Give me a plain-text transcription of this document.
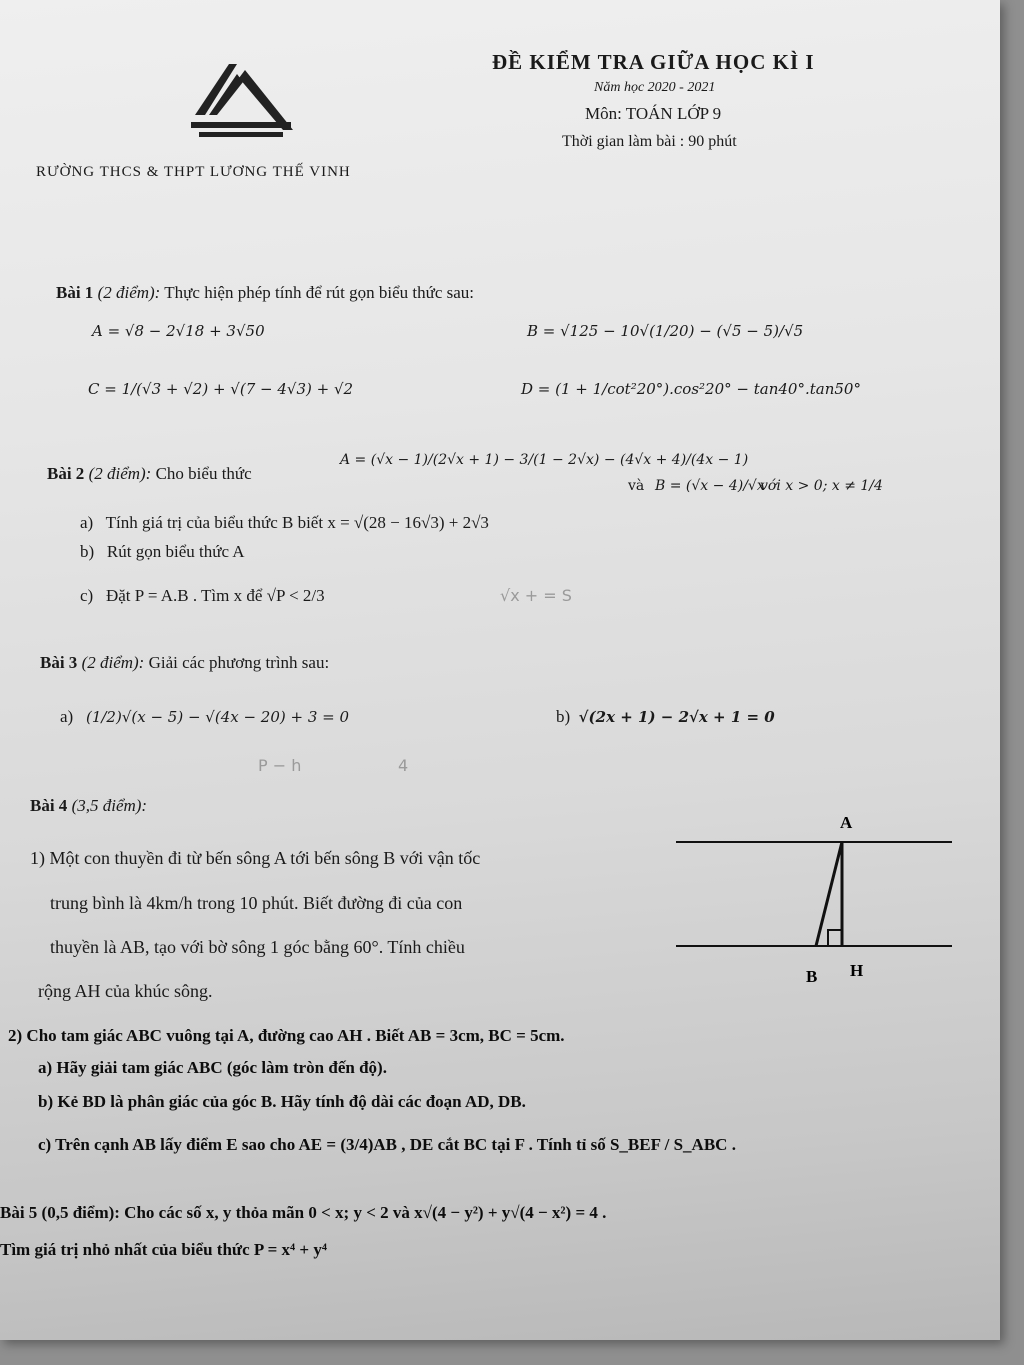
ĐỀ KIỂM TRA GIỮA HỌC KÌ I
Năm học 2020 - 2021
Môn: TOÁN LỚP 9
Thời gian làm bài : 90 phút
RƯỜNG THCS & THPT LƯƠNG THẾ VINH
Bài 1 (2 điểm): Thực hiện phép tính để rút gọn biểu thức sau:
A = √8 − 2√18 + 3√50	B = √125 − 10√(1/20) − (√5 − 5)/√5
C = 1/(√3 + √2) + √(7 − 4√3) + √2	D = (1 + 1/cot²20°).cos²20° − tan40°.tan50°
Bài 2 (2 điểm): Cho biểu thức
A = (√x − 1)/(2√x + 1) − 3/(1 − 2√x) − (4√x + 4)/(4x − 1)
và B = (√x − 4)/√x
với x > 0; x ≠ 1/4
a) Tính giá trị của biểu thức B biết x = √(28 − 16√3) + 2√3
b) Rút gọn biểu thức A
c) Đặt P = A.B . Tìm x để √P < 2/3	√x + = S
Bài 3 (2 điểm): Giải các phương trình sau:
a) (1/2)√(x − 5) − √(4x − 20) + 3 = 0	b) √(2x + 1) − 2√x + 1 = 0
P − h	4
Bài 4 (3,5 điểm):
1) Một con thuyền đi từ bến sông A tới bến sông B với vận tốc
trung bình là 4km/h trong 10 phút. Biết đường đi của con
thuyền là AB, tạo với bờ sông 1 góc bằng 60°. Tính chiều
rộng AH của khúc sông.
A
B H
2) Cho tam giác ABC vuông tại A, đường cao AH . Biết AB = 3cm, BC = 5cm.
a) Hãy giải tam giác ABC (góc làm tròn đến độ).
b) Kẻ BD là phân giác của góc B. Hãy tính độ dài các đoạn AD, DB.
c) Trên cạnh AB lấy điểm E sao cho AE = (3/4)AB , DE cắt BC tại F . Tính tỉ số S_BEF / S_ABC .
Bài 5 (0,5 điểm): Cho các số x, y thỏa mãn 0 < x; y < 2 và x√(4 − y²) + y√(4 − x²) = 4 .
Tìm giá trị nhỏ nhất của biểu thức P = x⁴ + y⁴
